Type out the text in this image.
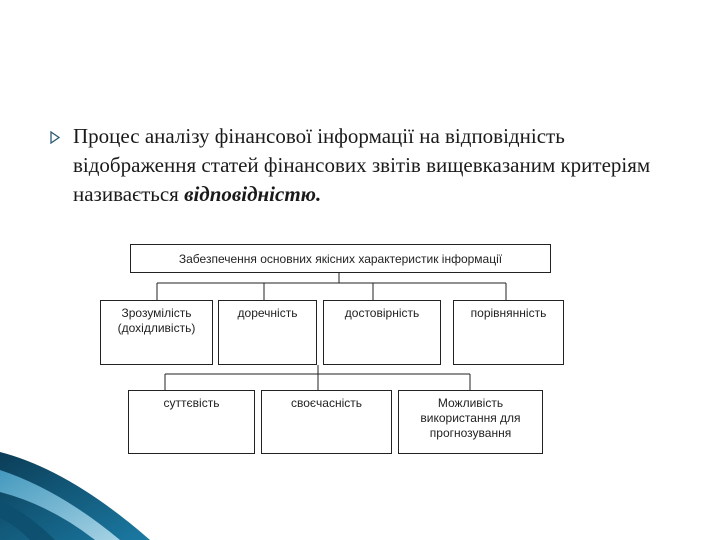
Процес аналізу фінансової інформації на відповідність відображення статей фінансових звітів вищевказаним критеріям називається відповідністю.

Забезпечення основних якісних характеристик інформації
Зрозумілість (дохідливість)
доречність	достовірність	порівнянність
суттєвість	своєчасність	Можливість використання для прогнозування
